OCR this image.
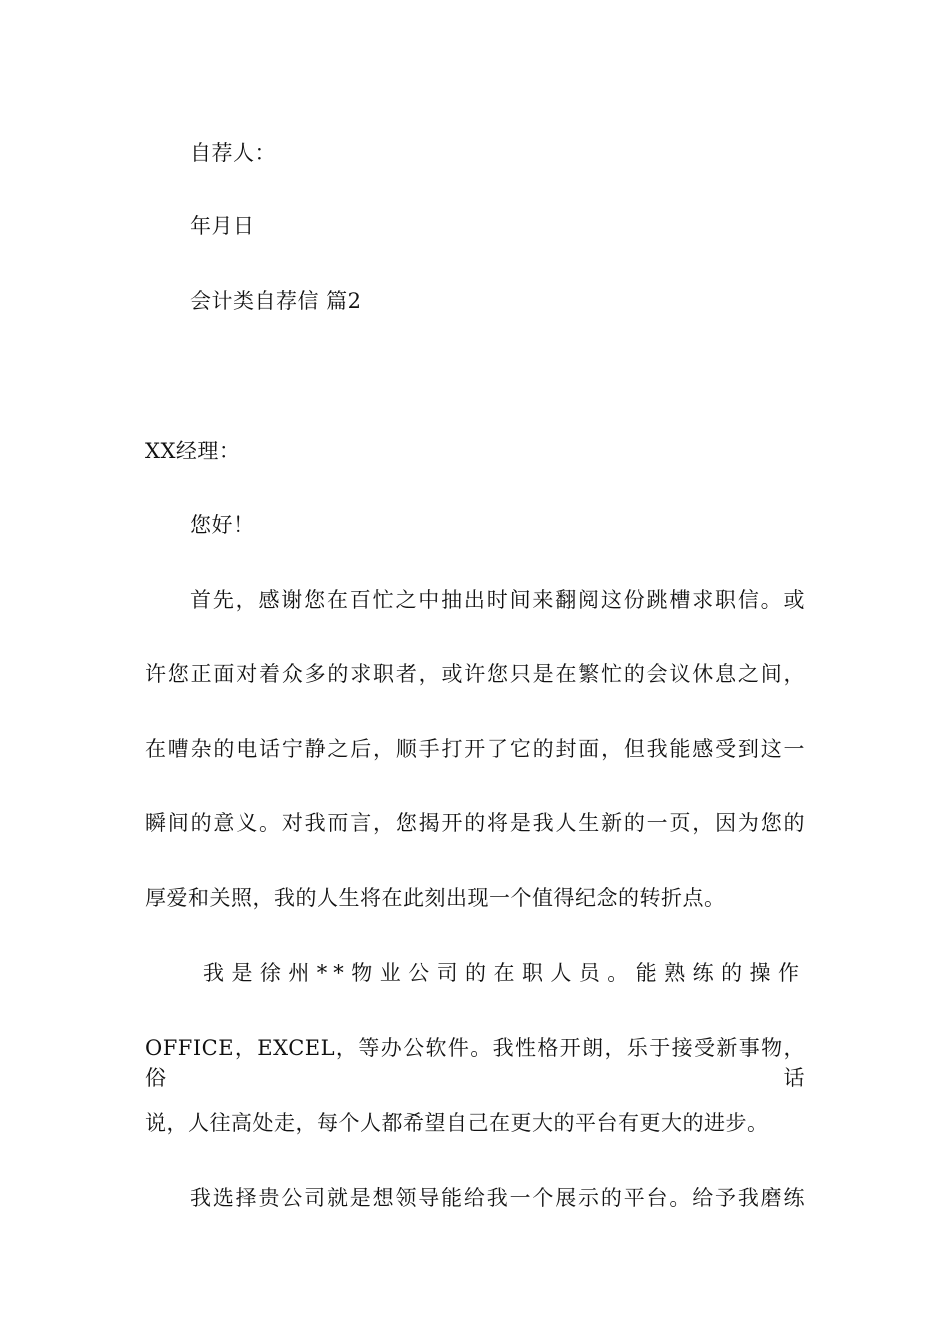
自荐人：
年月日
会计类自荐信 篇2
XX经理：
您好！
首先，感谢您在百忙之中抽出时间来翻阅这份跳槽求职信。或
许您正面对着众多的求职者，或许您只是在繁忙的会议休息之间，
在嘈杂的电话宁静之后，顺手打开了它的封面，但我能感受到这一
瞬间的意义。对我而言，您揭开的将是我人生新的一页，因为您的
厚爱和关照，我的人生将在此刻出现一个值得纪念的转折点。
我是徐州**物业公司的在职人员。能熟练的操作
OFFICE，EXCEL，等办公软件。我性格开朗，乐于接受新事物，俗话
说，人往高处走，每个人都希望自己在更大的平台有更大的进步。
我选择贵公司就是想领导能给我一个展示的平台。给予我磨练
